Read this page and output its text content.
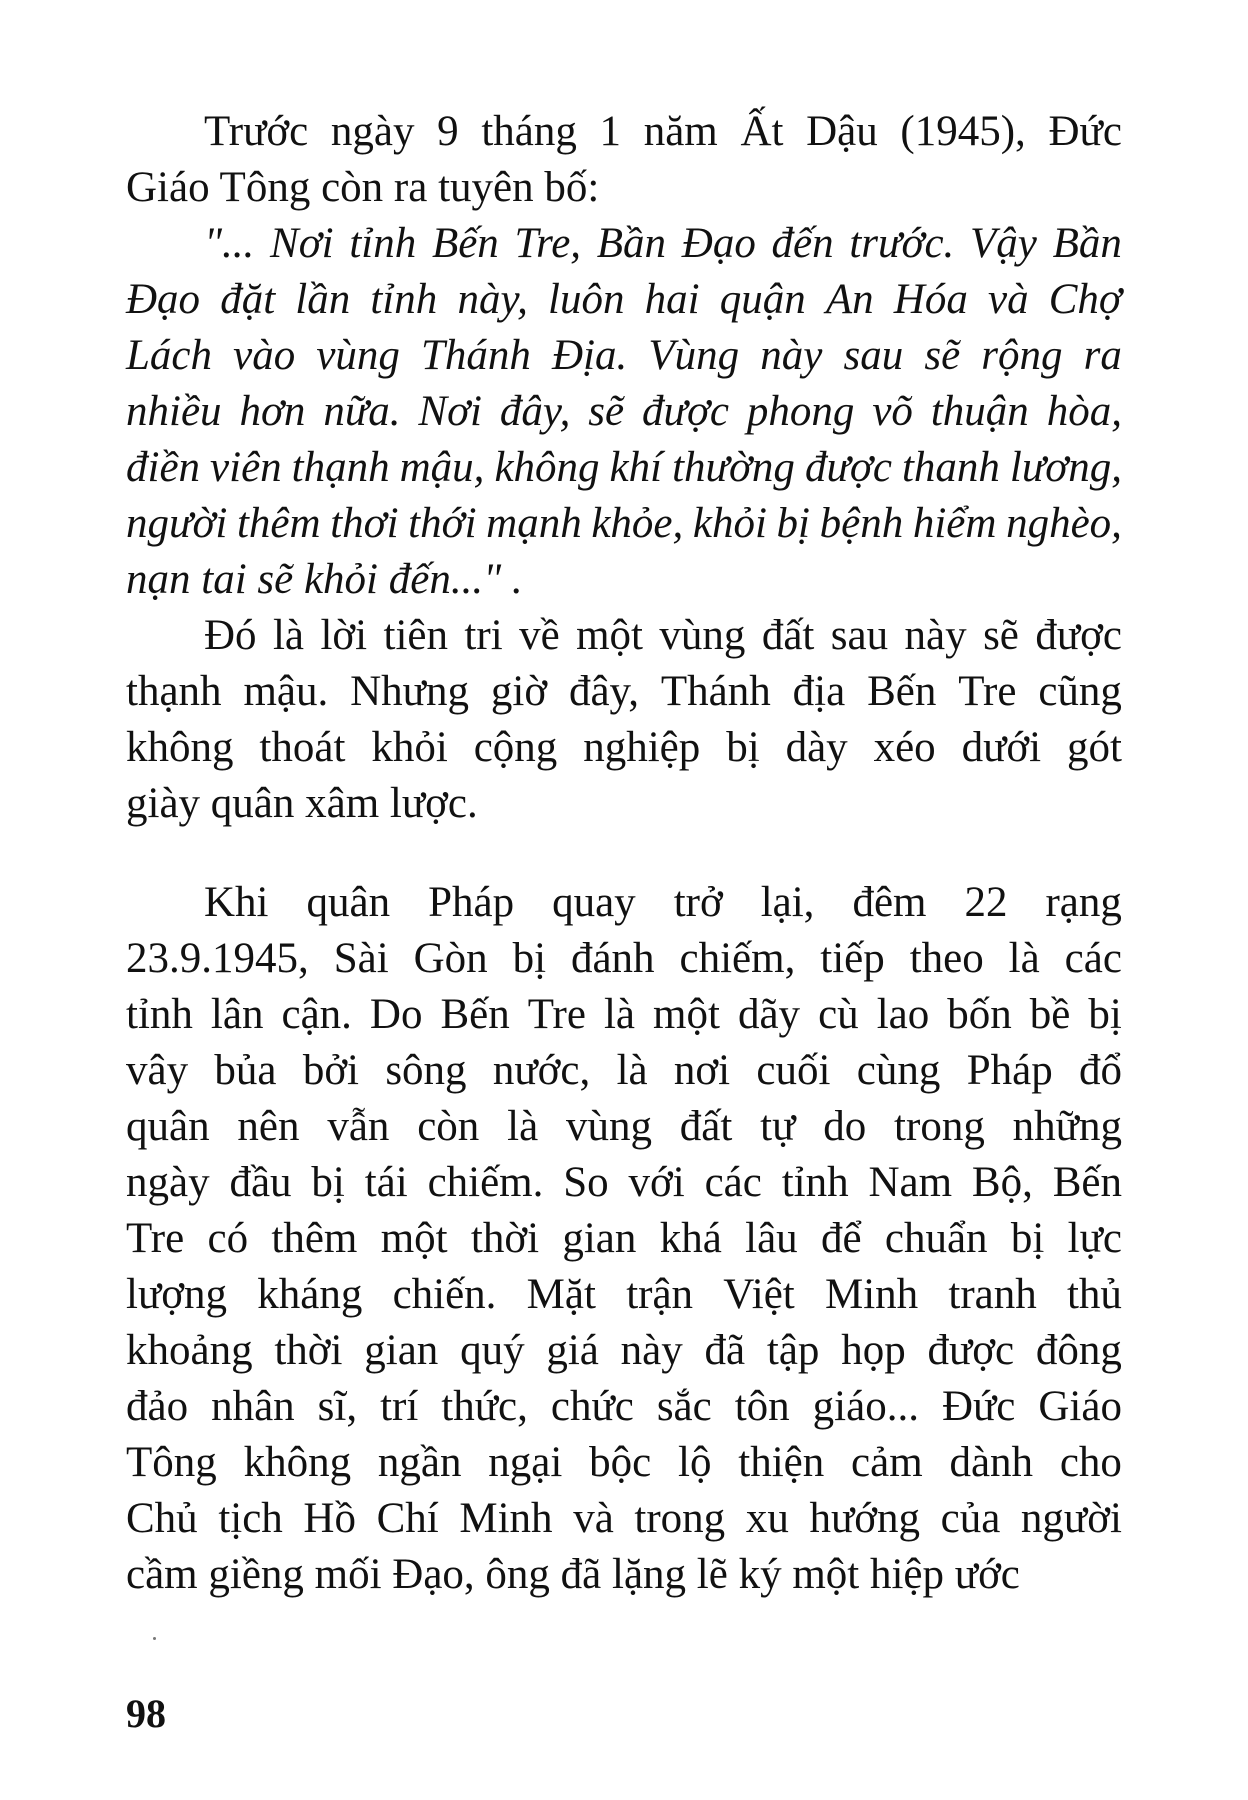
Trước ngày 9 tháng 1 năm Ất Dậu (1945), Đức
Giáo Tông còn ra tuyên bố:
"... Nơi tỉnh Bến Tre, Bần Đạo đến trước. Vậy Bần
Đạo đặt lần tỉnh này, luôn hai quận An Hóa và Chợ
Lách vào vùng Thánh Địa. Vùng này sau sẽ rộng ra
nhiều hơn nữa. Nơi đây, sẽ được phong võ thuận hòa,
điền viên thạnh mậu, không khí thường được thanh lương,
người thêm thơi thới mạnh khỏe, khỏi bị bệnh hiểm nghèo,
nạn tai sẽ khỏi đến..." .
Đó là lời tiên tri về một vùng đất sau này sẽ được
thạnh mậu. Nhưng giờ đây, Thánh địa Bến Tre cũng
không thoát khỏi cộng nghiệp bị dày xéo dưới gót
giày quân xâm lược.
Khi quân Pháp quay trở lại, đêm 22 rạng
23.9.1945, Sài Gòn bị đánh chiếm, tiếp theo là các
tỉnh lân cận. Do Bến Tre là một dãy cù lao bốn bề bị
vây bủa bởi sông nước, là nơi cuối cùng Pháp đổ
quân nên vẫn còn là vùng đất tự do trong những
ngày đầu bị tái chiếm. So với các tỉnh Nam Bộ, Bến
Tre có thêm một thời gian khá lâu để chuẩn bị lực
lượng kháng chiến. Mặt trận Việt Minh tranh thủ
khoảng thời gian quý giá này đã tập họp được đông
đảo nhân sĩ, trí thức, chức sắc tôn giáo... Đức Giáo
Tông không ngần ngại bộc lộ thiện cảm dành cho
Chủ tịch Hồ Chí Minh và trong xu hướng của người
cầm giềng mối Đạo, ông đã lặng lẽ ký một hiệp ước
98
